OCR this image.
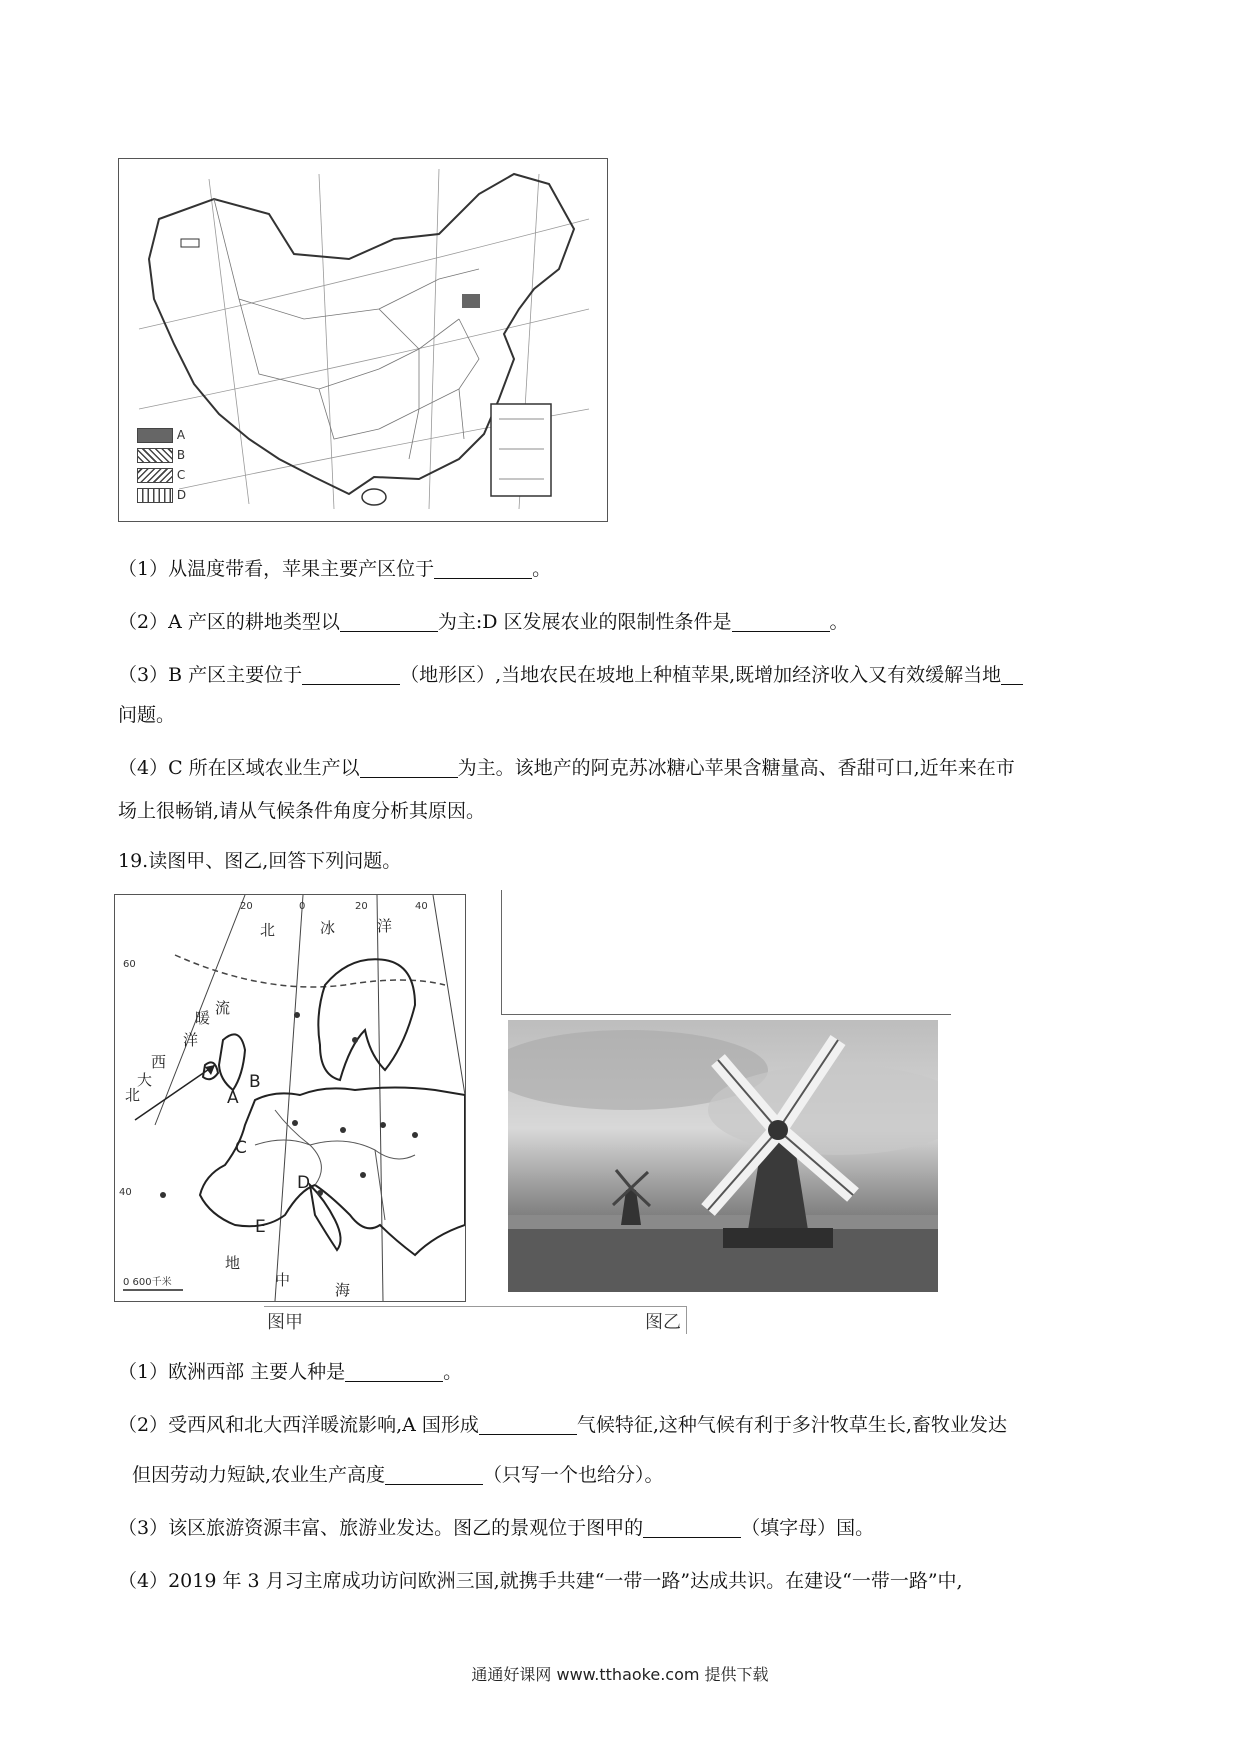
A
B
C
D
（1）从温度带看，苹果主要产区位于	。
（2）A 产区的耕地类型以	为主:D 区发展农业的限制性条件是	。
（3）B 产区主要位于	（地形区）,当地农民在坡地上种植苹果,既增加经济收入又有效缓解当地
问题。
（4）C 所在区域农业生产以	为主。该地产的阿克苏冰糖心苹果含糖量高、香甜可口,近年来在市
场上很畅销,请从气候条件角度分析其原因。
19.读图甲、图乙,回答下列问题。
20	0	20	40
60
40
北	冰	洋
北
大
西
洋
暖
流
A
B
C
D
E
地
中
海
0 600千米
图甲	图乙
（1）欧洲西部 主要人种是	。
（2）受西风和北大西洋暖流影响,A 国形成	气候特征,这种气候有利于多汁牧草生长,畜牧业发达
但因劳动力短缺,农业生产高度	（只写一个也给分）。
（3）该区旅游资源丰富、旅游业发达。图乙的景观位于图甲的	（填字母）国。
（4）2019 年 3 月习主席成功访问欧洲三国,就携手共建“一带一路”达成共识。在建设“一带一路”中,
通通好课网 www.tthaoke.com 提供下载
